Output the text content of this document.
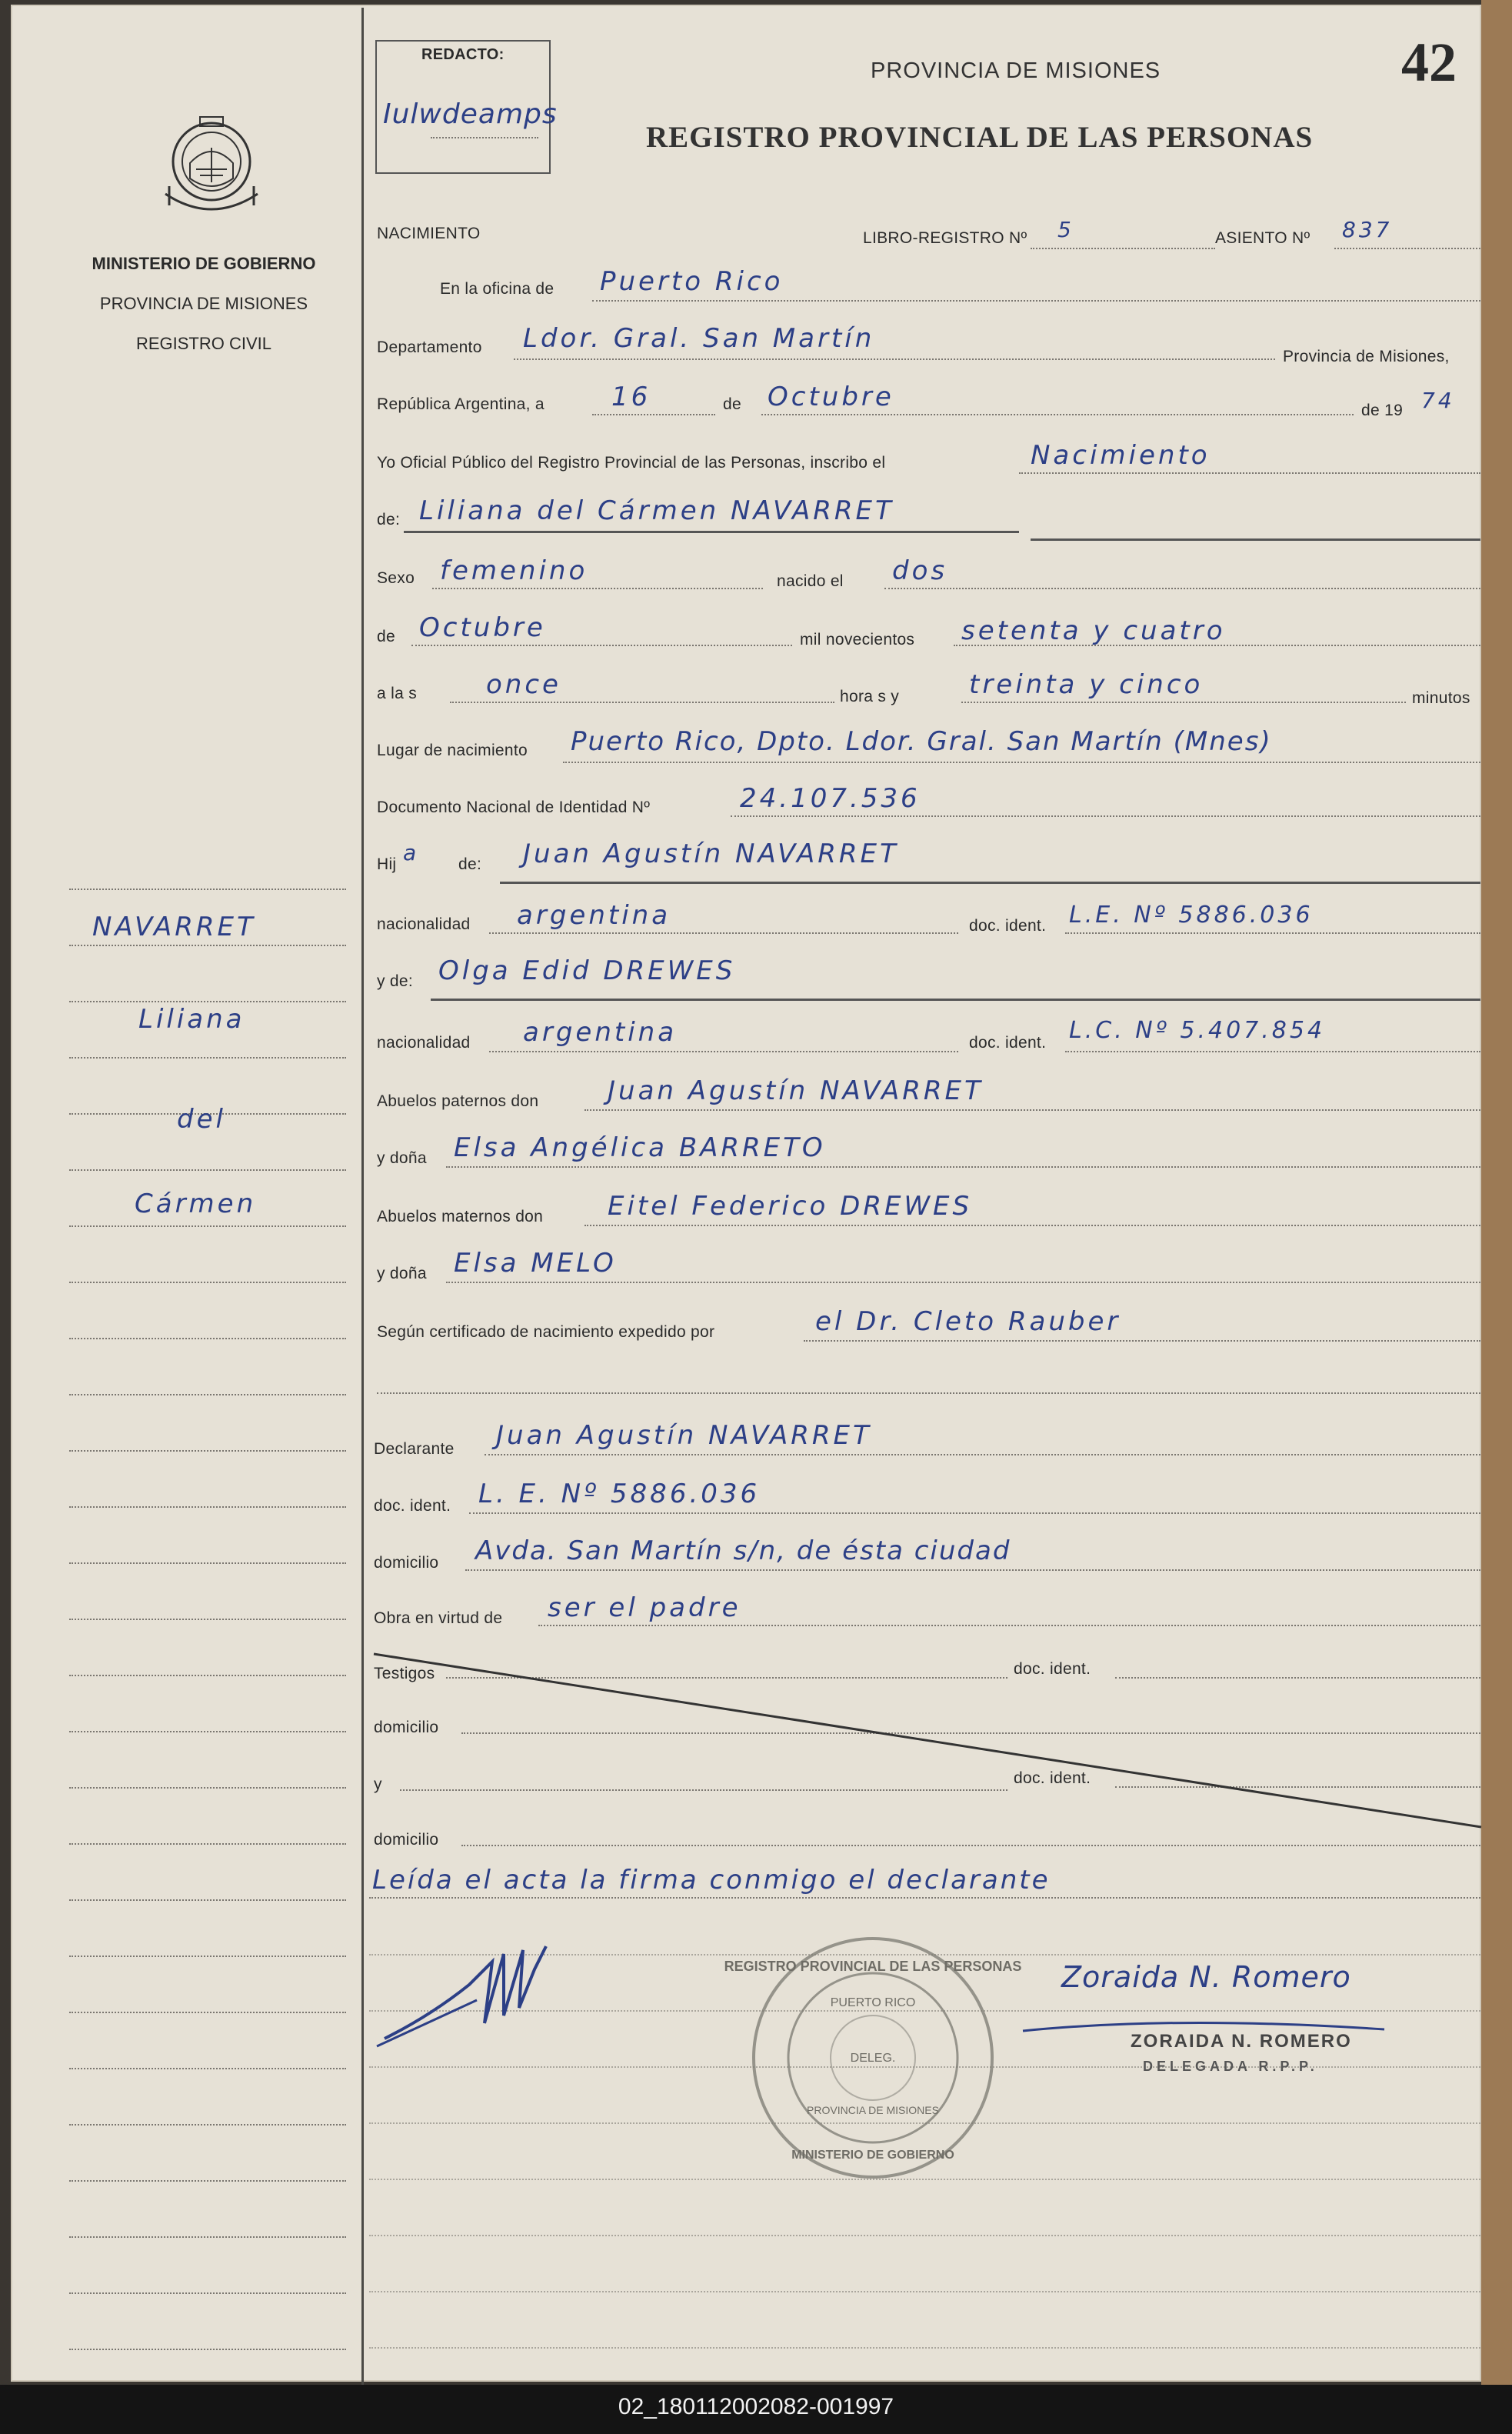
42
MINISTERIO DE GOBIERNO
PROVINCIA DE MISIONES
REGISTRO CIVIL
NAVARRET
Liliana
del
Cármen
REDACTO:
Iulwdeamps
PROVINCIA DE MISIONES
REGISTRO PROVINCIAL DE LAS PERSONAS
NACIMIENTO	LIBRO-REGISTRO Nº 5	ASIENTO Nº 837
En la oficina de Puerto Rico
Departamento Ldor. Gral. San Martín
Provincia de Misiones,
República Argentina, a	16	de Octubre	de 19 74
Yo Oficial Público del Registro Provincial de las Personas, inscribo el	Nacimiento
de: Liliana del Cármen NAVARRET
Sexo femenino	nacido el dos
de Octubre	mil novecientos setenta y cuatro
a la s	once	hora s y	treinta y cinco	minutos
Lugar de nacimiento Puerto Rico, Dpto. Ldor. Gral. San Martín (Mnes)
Documento Nacional de Identidad Nº	24.107.536
Hij a de: Juan Agustín NAVARRET
nacionalidad argentina	doc. ident. L.E. Nº 5886.036
y de: Olga Edid DREWES
nacionalidad argentina	doc. ident. L.C. Nº 5.407.854
Abuelos paternos don	Juan Agustín NAVARRET
y doña Elsa Angélica BARRETO
Abuelos maternos don Eitel Federico DREWES
y doña Elsa MELO
Según certificado de nacimiento expedido por	el Dr. Cleto Rauber
Declarante Juan Agustín NAVARRET
doc. ident. L. E. Nº 5886.036
domicilio Avda. San Martín s/n, de ésta ciudad
Obra en virtud de ser el padre
Testigos	doc. ident.
domicilio
y	doc. ident.
domicilio
Leída el acta la firma conmigo el declarante
REGISTRO PROVINCIAL DE LAS PERSONAS
PUERTO RICO
DELEG.
PROVINCIA DE MISIONES
MINISTERIO DE GOBIERNO
Zoraida N. Romero
ZORAIDA N. ROMERO
DELEGADA R.P.P.
02_180112002082-001997
